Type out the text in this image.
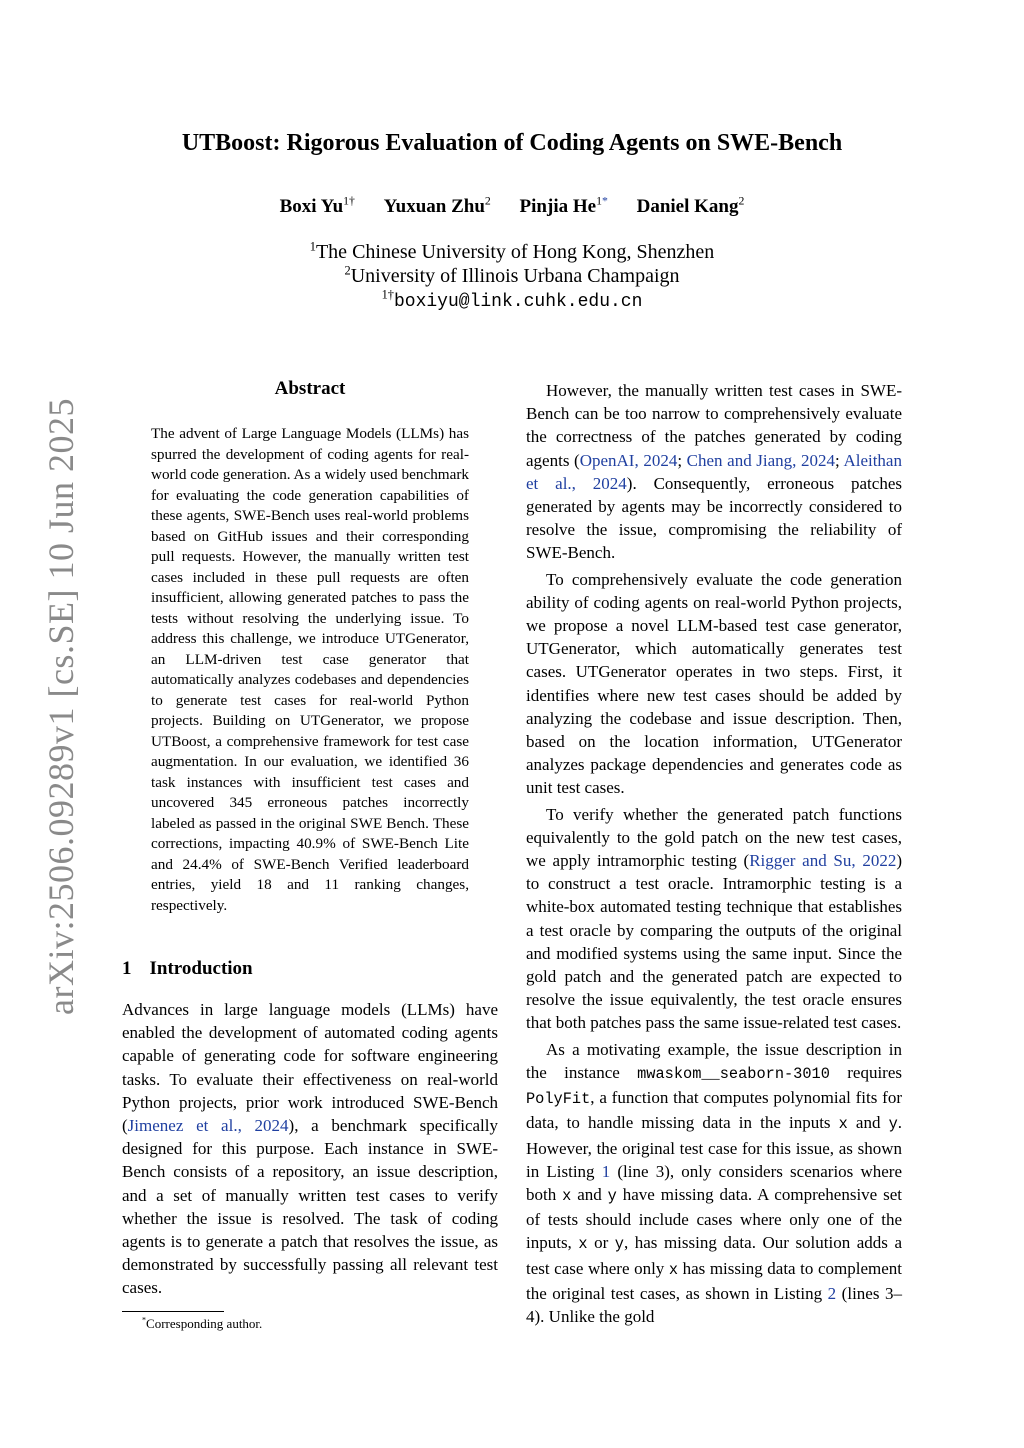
arXiv:2506.09289v1 [cs.SE] 10 Jun 2025
UTBoost: Rigorous Evaluation of Coding Agents on SWE-Bench
Boxi $Yu^{1\dagger}$ Yuxuan Zhu$^2$ Pinjia $He^{1*}$ Daniel Kang$^2$
$^1$The Chinese University of Hong Kong, Shenzhen
$^2$University of Illinois Urbana Champaign
$^{1\dagger}$boxiyu@link.cuhk.edu.cn
Abstract
The advent of Large Language Models (LLMs) has spurred the development of coding agents for real-world code generation. As a widely used benchmark for evaluating the code generation capabilities of these agents, SWE-Bench uses real-world problems based on GitHub issues and their corresponding pull requests. However, the manually written test cases included in these pull requests are often insufficient, allowing generated patches to pass the tests without resolving the underlying issue. To address this challenge, we introduce UTGenerator, an LLM-driven test case generator that automatically analyzes codebases and dependencies to generate test cases for real-world Python projects. Building on UTGenerator, we propose UTBoost, a comprehensive framework for test case augmentation. In our evaluation, we identified 36 task instances with insufficient test cases and uncovered 345 erroneous patches incorrectly labeled as passed in the original SWE Bench. These corrections, impacting 40.9% of SWE-Bench Lite and 24.4% of SWE-Bench Verified leaderboard entries, yield 18 and 11 ranking changes, respectively.
1 Introduction
Advances in large language models (LLMs) have enabled the development of automated coding agents capable of generating code for software engineering tasks. To evaluate their effectiveness on real-world Python projects, prior work introduced SWE-Bench (Jimenez et al., 2024), a benchmark specifically designed for this purpose. Each instance in SWE-Bench consists of a repository, an issue description, and a set of manually written test cases to verify whether the issue is resolved. The task of coding agents is to generate a patch that resolves the issue, as demonstrated by successfully passing all relevant test cases.
*Corresponding author.

However, the manually written test cases in SWE-Bench can be too narrow to comprehensively evaluate the correctness of the patches generated by coding agents (OpenAI, 2024; Chen and Jiang, 2024; Aleithan et al., 2024). Consequently, erroneous patches generated by agents may be incorrectly considered to resolve the issue, compromising the reliability of SWE-Bench.

To comprehensively evaluate the code generation ability of coding agents on real-world Python projects, we propose a novel LLM-based test case generator, UTGenerator, which automatically generates test cases. UTGenerator operates in two steps. First, it identifies where new test cases should be added by analyzing the codebase and issue description. Then, based on the location information, UTGenerator analyzes package dependencies and generates code as unit test cases.

To verify whether the generated patch functions equivalently to the gold patch on the new test cases, we apply intramorphic testing (Rigger and Su, 2022) to construct a test oracle. Intramorphic testing is a white-box automated testing technique that establishes a test oracle by comparing the outputs of the original and modified systems using the same input. Since the gold patch and the generated patch are expected to resolve the issue equivalently, the test oracle ensures that both patches pass the same issue-related test cases.

As a motivating example, the issue description in the instance mwaskom__seaborn-3010 requires PolyFit, a function that computes polynomial fits for data, to handle missing data in the inputs x and y. However, the original test case for this issue, as shown in Listing 1 (line 3), only considers scenarios where both x and y have missing data. A comprehensive set of tests should include cases where only one of the inputs, x or y, has missing data. Our solution adds a test case where only x has missing data to complement the original test cases, as shown in Listing 2 (lines 3–4). Unlike the gold
